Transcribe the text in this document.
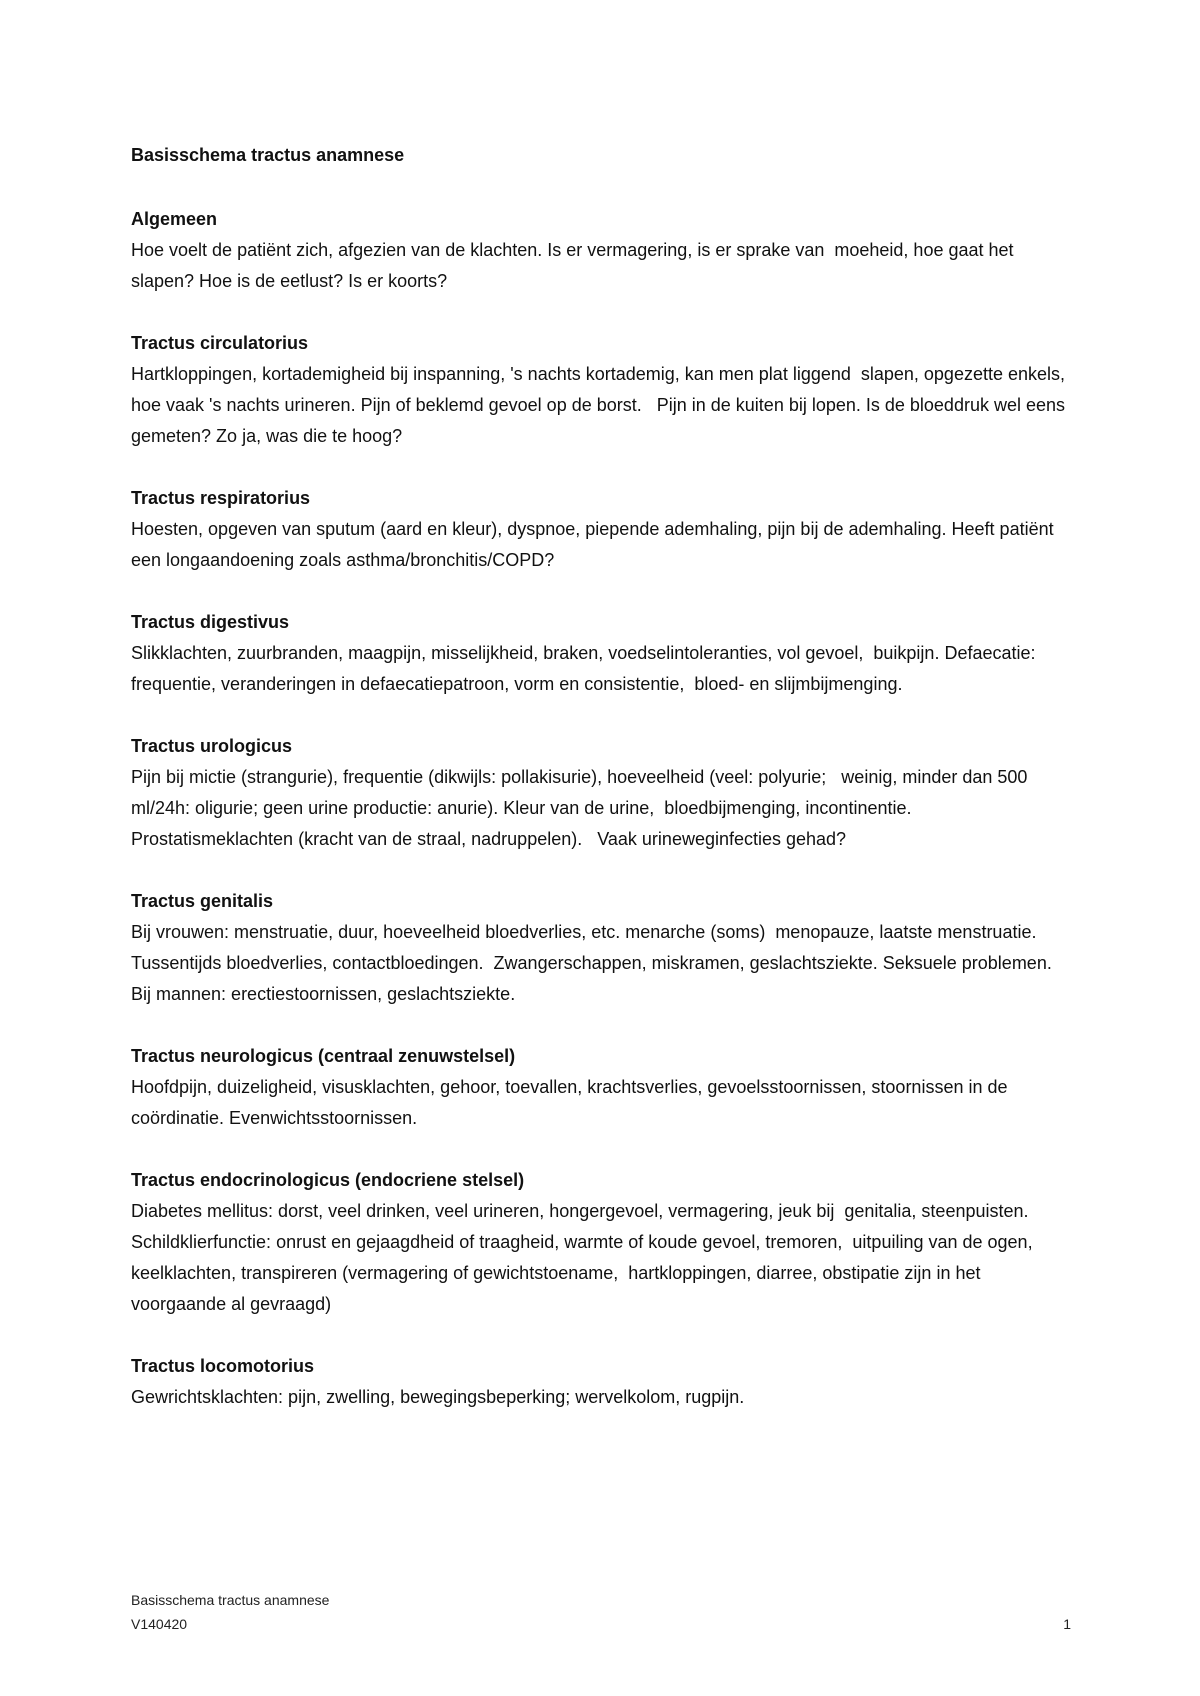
Basisschema tractus anamnese

Algemeen

Hoe voelt de patiënt zich, afgezien van de klachten. Is er vermagering, is er sprake van  moeheid, hoe gaat het slapen? Hoe is de eetlust? Is er koorts?

Tractus circulatorius

Hartkloppingen, kortademigheid bij inspanning, 's nachts kortademig, kan men plat liggend  slapen, opgezette enkels, hoe vaak 's nachts urineren. Pijn of beklemd gevoel op de borst.   Pijn in de kuiten bij lopen. Is de bloeddruk wel eens gemeten? Zo ja, was die te hoog?

Tractus respiratorius

Hoesten, opgeven van sputum (aard en kleur), dyspnoe, piepende ademhaling, pijn bij de ademhaling. Heeft patiënt een longaandoening zoals asthma/bronchitis/COPD?

Tractus digestivus

Slikklachten, zuurbranden, maagpijn, misselijkheid, braken, voedselintoleranties, vol gevoel,  buikpijn. Defaecatie: frequentie, veranderingen in defaecatiepatroon, vorm en consistentie,  bloed- en slijmbijmenging.

Tractus urologicus

Pijn bij mictie (strangurie), frequentie (dikwijls: pollakisurie), hoeveelheid (veel: polyurie;   weinig, minder dan 500 ml/24h: oligurie; geen urine productie: anurie). Kleur van de urine,  bloedbijmenging, incontinentie. Prostatismeklachten (kracht van de straal, nadruppelen).   Vaak urineweginfecties gehad?

Tractus genitalis

Bij vrouwen: menstruatie, duur, hoeveelheid bloedverlies, etc. menarche (soms)  menopauze, laatste menstruatie. Tussentijds bloedverlies, contactbloedingen.  Zwangerschappen, miskramen, geslachtsziekte. Seksuele problemen.

Bij mannen: erectiestoornissen, geslachtsziekte.

Tractus neurologicus (centraal zenuwstelsel)

Hoofdpijn, duizeligheid, visusklachten, gehoor, toevallen, krachtsverlies, gevoelsstoornissen, stoornissen in de coördinatie. Evenwichtsstoornissen.

Tractus endocrinologicus (endocriene stelsel)

Diabetes mellitus: dorst, veel drinken, veel urineren, hongergevoel, vermagering, jeuk bij  genitalia, steenpuisten.

Schildklierfunctie: onrust en gejaagdheid of traagheid, warmte of koude gevoel, tremoren,  uitpuiling van de ogen, keelklachten, transpireren (vermagering of gewichtstoename,  hartkloppingen, diarree, obstipatie zijn in het voorgaande al gevraagd)

Tractus locomotorius

Gewrichtsklachten: pijn, zwelling, bewegingsbeperking; wervelkolom, rugpijn.

Basisschema tractus anamnese

V140420	1
